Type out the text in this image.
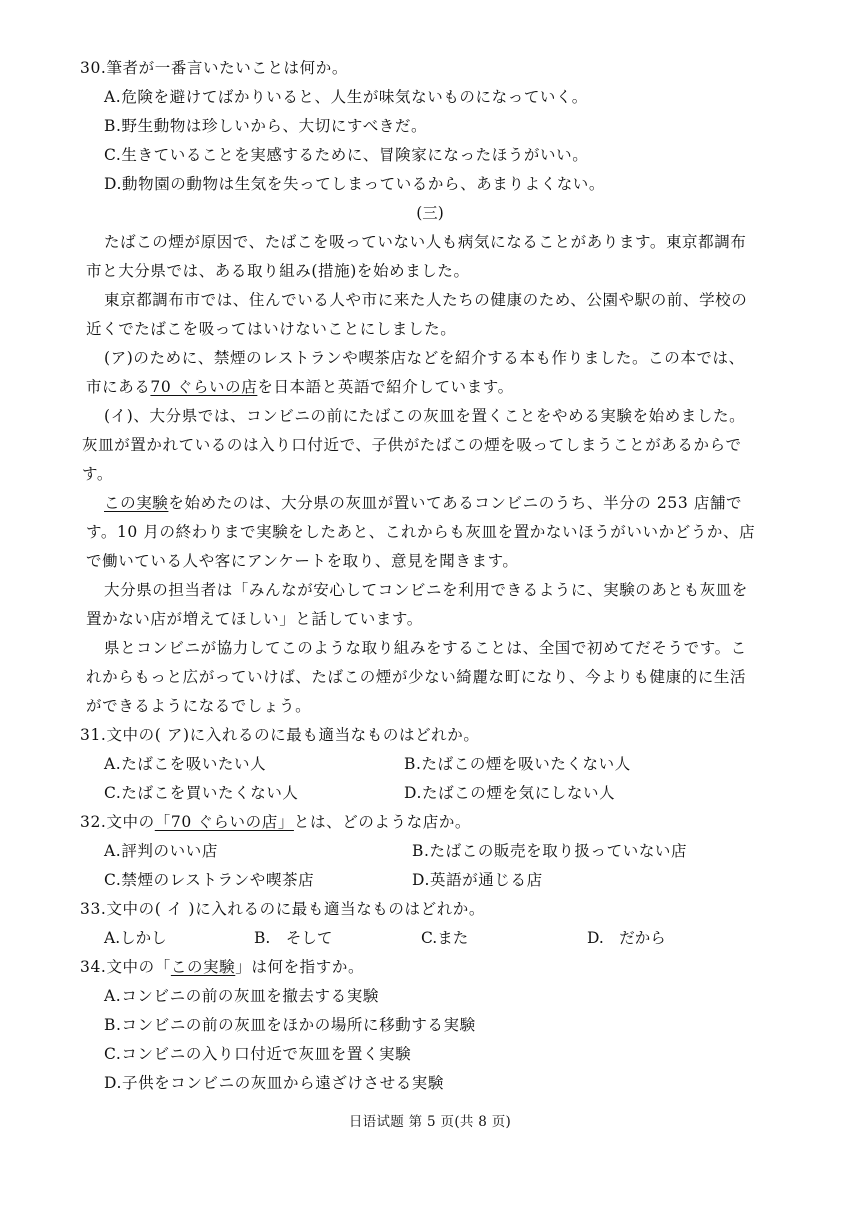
30.筆者が一番言いたいことは何か。
A.危険を避けてばかりいると、人生が味気ないものになっていく。
B.野生動物は珍しいから、大切にすべきだ。
C.生きていることを実感するために、冒険家になったほうがいい。
D.動物園の動物は生気を失ってしまっているから、あまりよくない。
(三)
たばこの煙が原因で、たばこを吸っていない人も病気になることがあります。東京都調布
市と大分県では、ある取り組み(措施)を始めました。
東京都調布市では、住んでいる人や市に来た人たちの健康のため、公園や駅の前、学校の
近くでたばこを吸ってはいけないことにしました。
(ア)のために、禁煙のレストランや喫茶店などを紹介する本も作りました。この本では、
市にある70 ぐらいの店を日本語と英語で紹介しています。
(イ)、大分県では、コンビニの前にたばこの灰皿を置くことをやめる実験を始めました。
灰皿が置かれているのは入り口付近で、子供がたばこの煙を吸ってしまうことがあるからで
す。
この実験を始めたのは、大分県の灰皿が置いてあるコンビニのうち、半分の 253 店舗で
す。10 月の終わりまで実験をしたあと、これからも灰皿を置かないほうがいいかどうか、店
で働いている人や客にアンケートを取り、意見を聞きます。
大分県の担当者は「みんなが安心してコンビニを利用できるように、実験のあとも灰皿を
置かない店が増えてほしい」と話しています。
県とコンビニが協力してこのような取り組みをすることは、全国で初めてだそうです。こ
れからもっと広がっていけば、たばこの煙が少ない綺麗な町になり、今よりも健康的に生活
ができるようになるでしょう。
31.文中の( ア)に入れるのに最も適当なものはどれか。
A.たばこを吸いたい人	B.たばこの煙を吸いたくない人
C.たばこを買いたくない人	D.たばこの煙を気にしない人
32.文中の「70 ぐらいの店」とは、どのような店か。
A.評判のいい店	B.たばこの販売を取り扱っていない店
C.禁煙のレストランや喫茶店	D.英語が通じる店
33.文中の( イ )に入れるのに最も適当なものはどれか。
A.しかし	B.　そして	C.また	D.　だから
34.文中の「この実験」は何を指すか。
A.コンビニの前の灰皿を撤去する実験
B.コンビニの前の灰皿をほかの場所に移動する実験
C.コンビニの入り口付近で灰皿を置く実験
D.子供をコンビニの灰皿から遠ざけさせる実験
日语试题 第 5 页(共 8 页)
